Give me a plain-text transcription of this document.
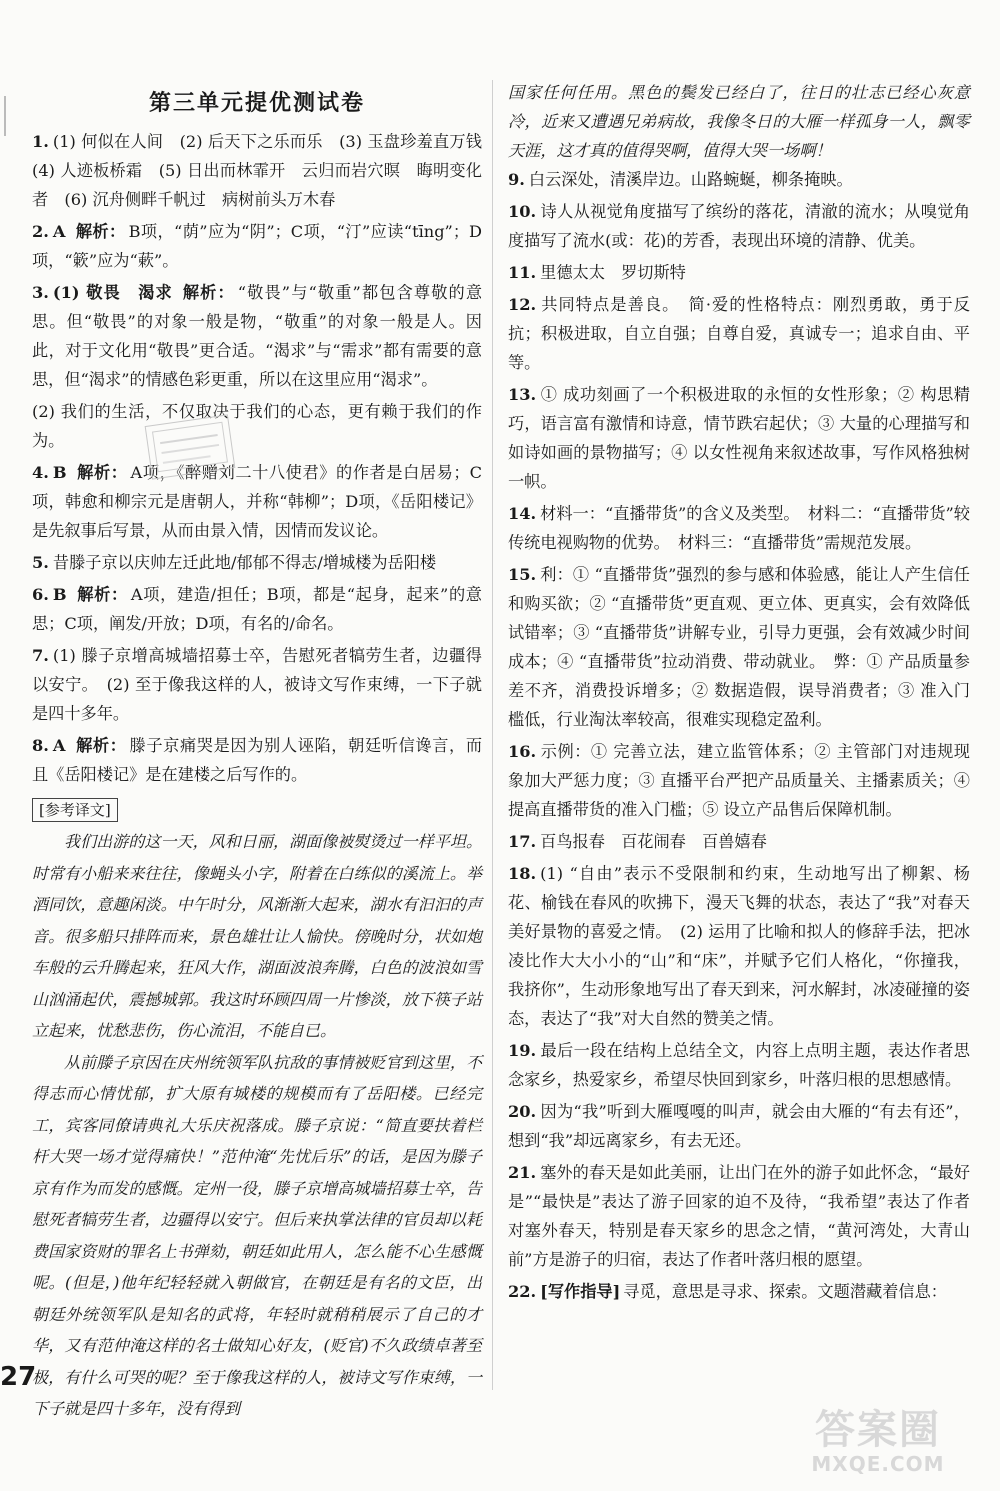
第三单元提优测试卷
1. (1) 何似在人间　(2) 后天下之乐而乐　(3) 玉盘珍羞直万钱　(4) 人迹板桥霜　(5) 日出而林霏开　云归而岩穴暝　晦明变化者　(6) 沉舟侧畔千帆过　病树前头万木春
2. A 解析： B项，“荫”应为“阴”；C项，“汀”应读“tīng”；D项，“簌”应为“蔌”。
3. (1) 敬畏　渴求 解析： “敬畏”与“敬重”都包含尊敬的意思。但“敬畏”的对象一般是物，“敬重”的对象一般是人。因此，对于文化用“敬畏”更合适。“渴求”与“需求”都有需要的意思，但“渴求”的情感色彩更重，所以在这里应用“渴求”。
(2) 我们的生活，不仅取决于我们的心态，更有赖于我们的作为。
4. B 解析： A项，《醉赠刘二十八使君》的作者是白居易；C项，韩愈和柳宗元是唐朝人，并称“韩柳”；D项，《岳阳楼记》是先叙事后写景，从而由景入情，因情而发议论。
5. 昔滕子京以庆帅左迁此地/郁郁不得志/增城楼为岳阳楼
6. B 解析： A项，建造/担任；B项，都是“起身，起来”的意思；C项，阐发/开放；D项，有名的/命名。
7. (1) 滕子京增高城墙招募士卒，告慰死者犒劳生者，边疆得以安宁。　(2) 至于像我这样的人，被诗文写作束缚，一下子就是四十多年。
8. A 解析： 滕子京痛哭是因为别人诬陷，朝廷听信谗言，而且《岳阳楼记》是在建楼之后写作的。
[参考译文]

我们出游的这一天，风和日丽，湖面像被熨烫过一样平坦。时常有小船来来往往，像蝇头小字，附着在白练似的溪流上。举酒同饮，意趣闲淡。中午时分，风渐渐大起来，湖水有汩汩的声音。很多船只排阵而来，景色雄壮让人愉快。傍晚时分，状如炮车般的云升腾起来，狂风大作，湖面波浪奔腾，白色的波浪如雪山汹涌起伏，震撼城郭。我这时环顾四周一片惨淡，放下筷子站立起来，忧愁悲伤，伤心流泪，不能自已。

从前滕子京因在庆州统领军队抗敌的事情被贬官到这里，不得志而心情忧郁，扩大原有城楼的规模而有了岳阳楼。已经完工，宾客同僚请典礼大乐庆祝落成。滕子京说：“简直要扶着栏杆大哭一场才觉得痛快！”范仲淹“先忧后乐”的话，是因为滕子京有作为而发的感慨。定州一役，滕子京增高城墙招募士卒，告慰死者犒劳生者，边疆得以安宁。但后来执掌法律的官员却以耗费国家资财的罪名上书弹劾，朝廷如此用人，怎么能不心生感慨呢。(但是，)他年纪轻轻就入朝做官，在朝廷是有名的文臣，出朝廷外统领军队是知名的武将，年轻时就稍稍展示了自己的才华，又有范仲淹这样的名士做知心好友，(贬官)不久政绩卓著至极，有什么可哭的呢？至于像我这样的人，被诗文写作束缚，一下子就是四十多年，没有得到

国家任何任用。黑色的鬓发已经白了，往日的壮志已经心灰意冷，近来又遭遇兄弟病故，我像冬日的大雁一样孤身一人，飘零天涯，这才真的值得哭啊，值得大哭一场啊！
9. 白云深处，清溪岸边。山路蜿蜒，柳条掩映。
10. 诗人从视觉角度描写了缤纷的落花，清澈的流水；从嗅觉角度描写了流水(或：花)的芳香，表现出环境的清静、优美。
11. 里德太太　罗切斯特
12. 共同特点是善良。　简·爱的性格特点：刚烈勇敢，勇于反抗；积极进取，自立自强；自尊自爱，真诚专一；追求自由、平等。
13. ① 成功刻画了一个积极进取的永恒的女性形象；② 构思精巧，语言富有激情和诗意，情节跌宕起伏；③ 大量的心理描写和如诗如画的景物描写；④ 以女性视角来叙述故事，写作风格独树一帜。
14. 材料一：“直播带货”的含义及类型。　材料二：“直播带货”较传统电视购物的优势。　材料三：“直播带货”需规范发展。
15. 利：① “直播带货”强烈的参与感和体验感，能让人产生信任和购买欲；② “直播带货”更直观、更立体、更真实，会有效降低试错率；③ “直播带货”讲解专业，引导力更强，会有效减少时间成本；④ “直播带货”拉动消费、带动就业。　弊：① 产品质量参差不齐，消费投诉增多；② 数据造假，误导消费者；③ 准入门槛低，行业淘汰率较高，很难实现稳定盈利。
16. 示例：① 完善立法，建立监管体系；② 主管部门对违规现象加大严惩力度；③ 直播平台严把产品质量关、主播素质关；④ 提高直播带货的准入门槛；⑤ 设立产品售后保障机制。
17. 百鸟报春　百花闹春　百兽嬉春
18. (1) “自由”表示不受限制和约束，生动地写出了柳絮、杨花、榆钱在春风的吹拂下，漫天飞舞的状态，表达了“我”对春天美好景物的喜爱之情。　(2) 运用了比喻和拟人的修辞手法，把冰凌比作大大小小的“山”和“床”，并赋予它们人格化，“你撞我，我挤你”，生动形象地写出了春天到来，河水解封，冰凌碰撞的姿态，表达了“我”对大自然的赞美之情。
19. 最后一段在结构上总结全文，内容上点明主题，表达作者思念家乡，热爱家乡，希望尽快回到家乡，叶落归根的思想感情。
20. 因为“我”听到大雁嘎嘎的叫声，就会由大雁的“有去有还”，想到“我”却远离家乡，有去无还。
21. 塞外的春天是如此美丽，让出门在外的游子如此怀念，“最好是”“最快是”表达了游子回家的迫不及待，“我希望”表达了作者对塞外春天，特别是春天家乡的思念之情，“黄河湾处，大青山前”方是游子的归宿，表达了作者叶落归根的愿望。
22. [写作指导] 寻觅，意思是寻求、探索。文题潜藏着信息：
27
答案圈
MXQE.COM
